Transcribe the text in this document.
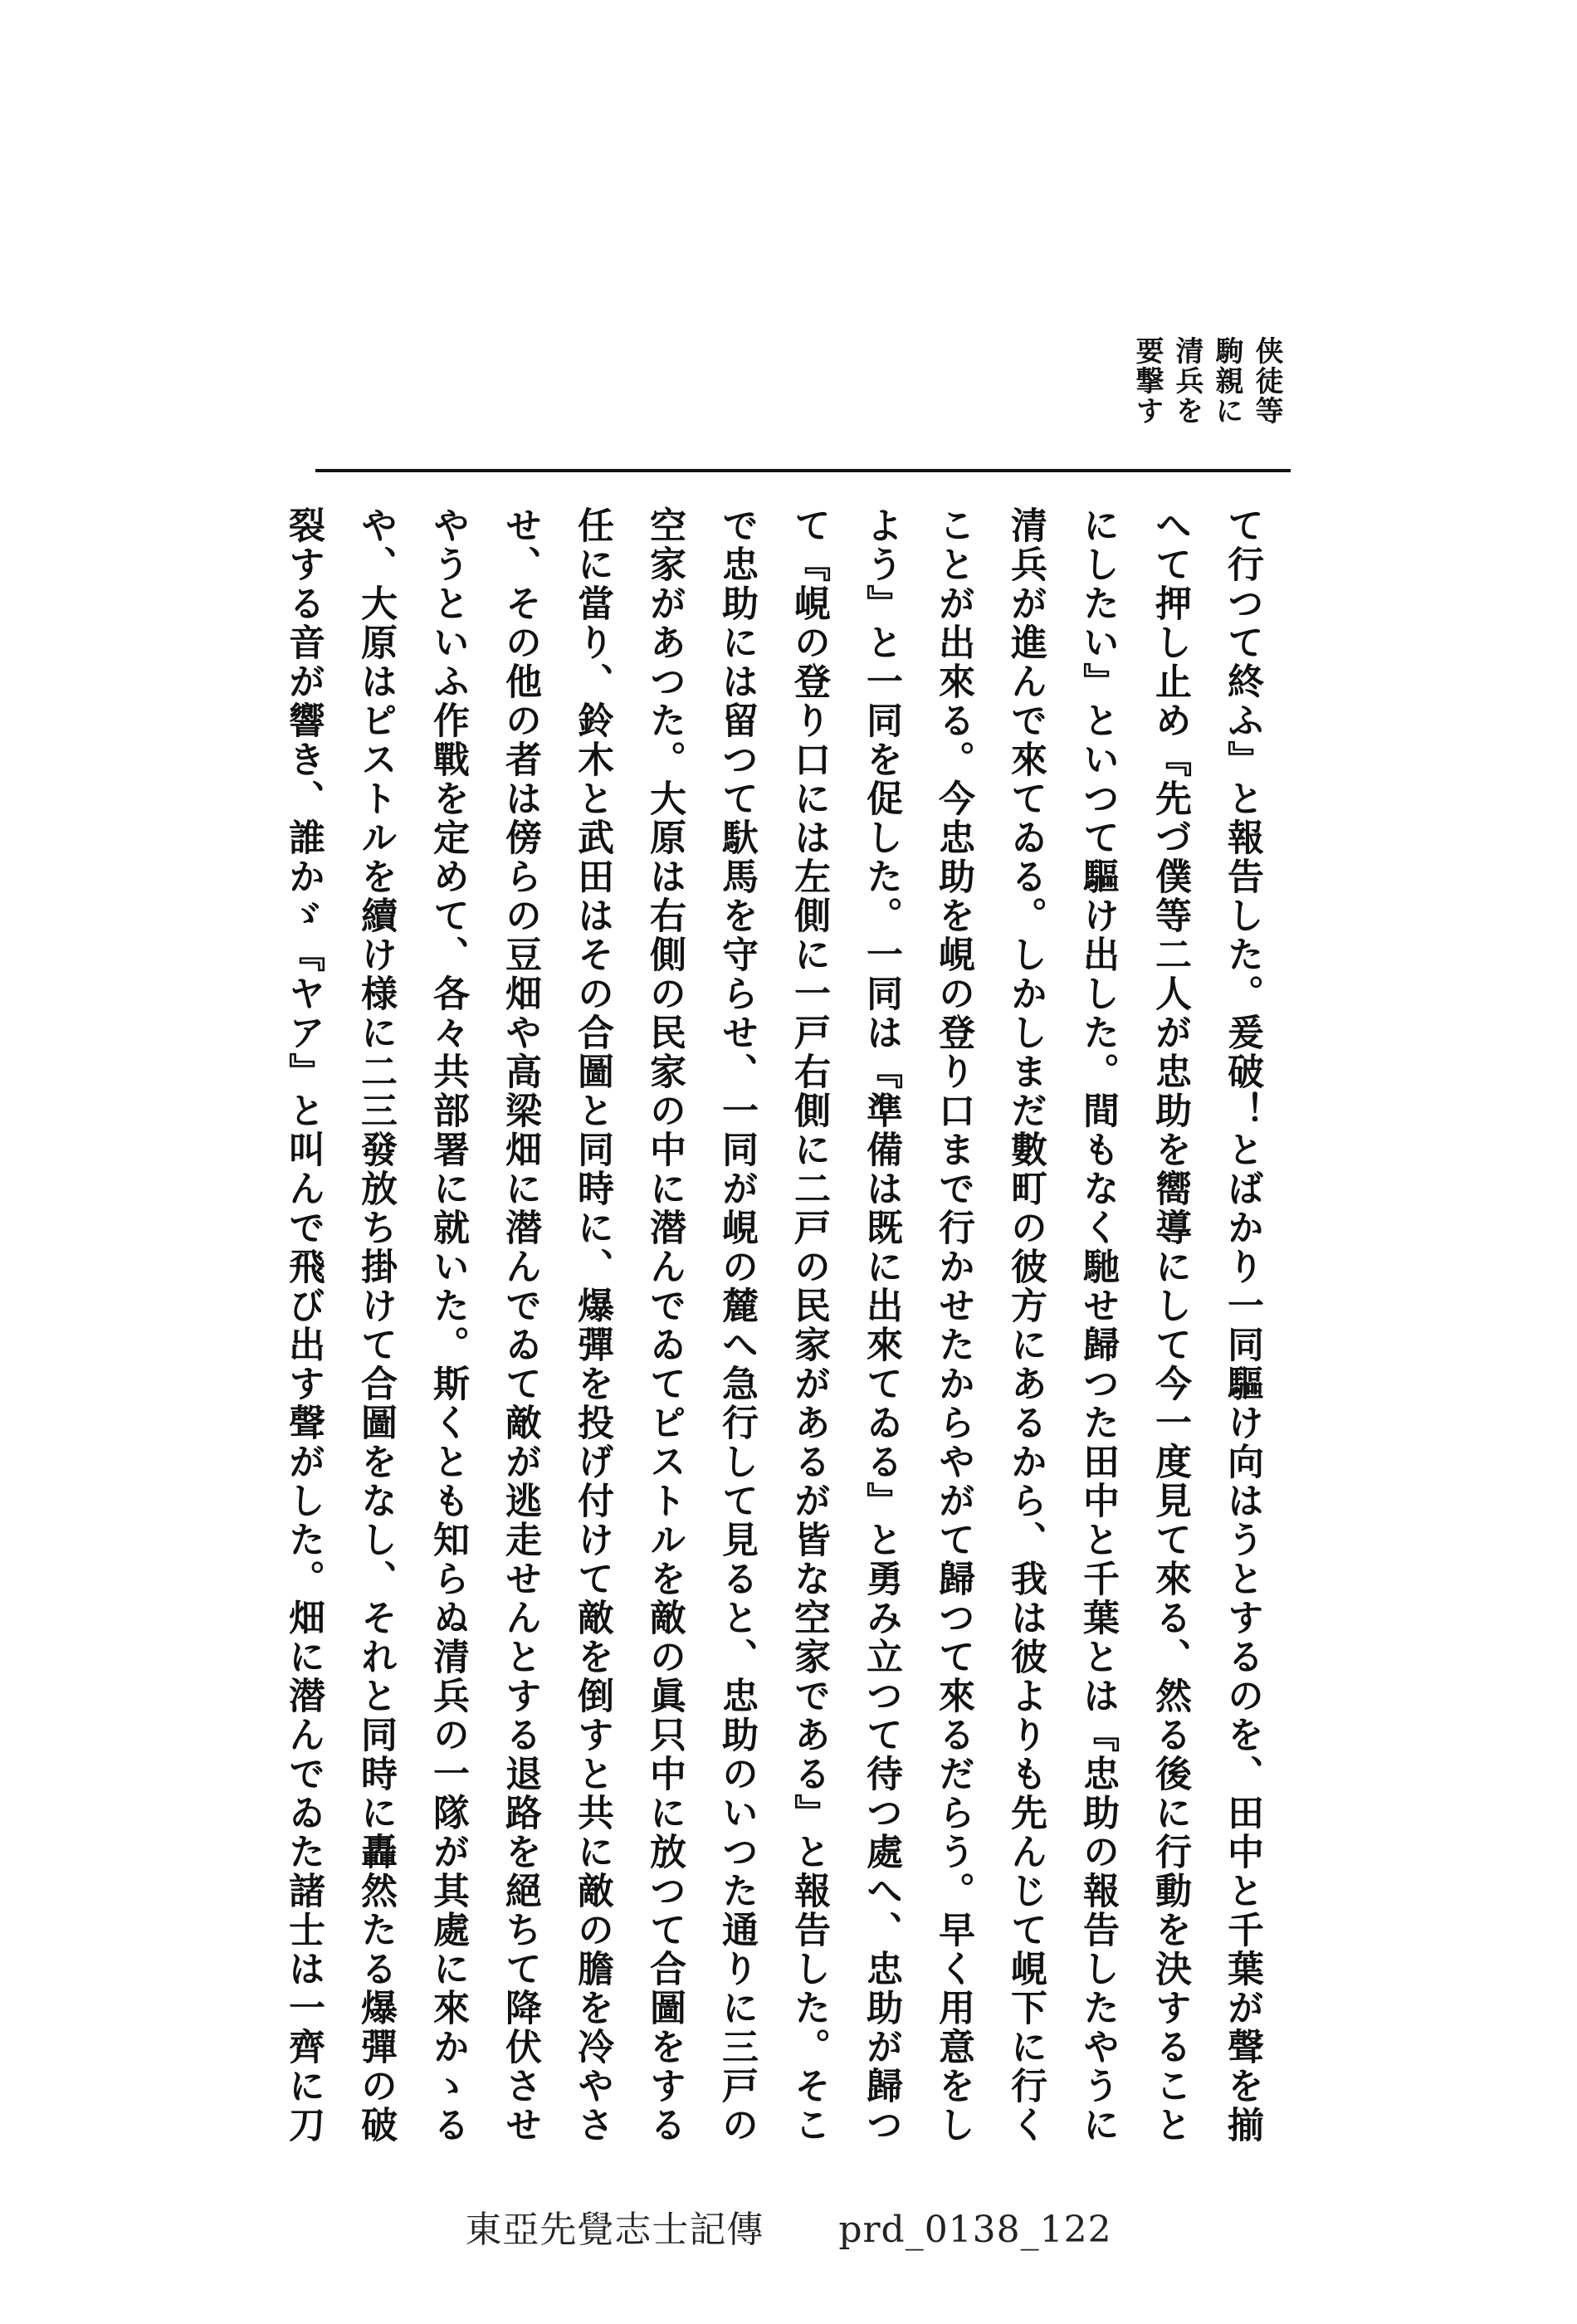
侠徒等駒親に清兵を要撃す
て行つて終ふ』と報告した。爰破！とばかり一同驅け向はうとするのを、田中と千葉が聲を揃
へて押し止め『先づ僕等二人が忠助を嚮導にして今一度見て來る、然る後に行動を決すること
にしたい』といつて驅け出した。間もなく馳せ歸つた田中と千葉とは『忠助の報告したやうに
清兵が進んで來てゐる。しかしまだ數町の彼方にあるから、我は彼よりも先んじて峴下に行く
ことが出來る。今忠助を峴の登り口まで行かせたからやがて歸つて來るだらう。早く用意をし
よう』と一同を促した。一同は『準備は既に出來てゐる』と勇み立つて待つ處へ、忠助が歸つ
て『峴の登り口には左側に一戸右側に二戸の民家があるが皆な空家である』と報告した。そこ
で忠助には留つて馱馬を守らせ、一同が峴の麓へ急行して見ると、忠助のいつた通りに三戸の
空家があつた。大原は右側の民家の中に潜んでゐてピストルを敵の眞只中に放つて合圖をする
任に當り、鈴木と武田はその合圖と同時に、爆彈を投げ付けて敵を倒すと共に敵の膽を冷やさ
せ、その他の者は傍らの豆畑や高梁畑に潜んでゐて敵が逃走せんとする退路を絕ちて降伏させ
やうといふ作戰を定めて、各々共部署に就いた。斯くとも知らぬ清兵の一隊が其處に來かゝる
や、大原はピストルを續け様に二三發放ち掛けて合圖をなし、それと同時に轟然たる爆彈の破
裂する音が響き、誰かゞ『ヤア』と叫んで飛び出す聲がした。畑に潜んでゐた諸士は一齊に刀
東亞先覺志士記傳　　prd_0138_122
